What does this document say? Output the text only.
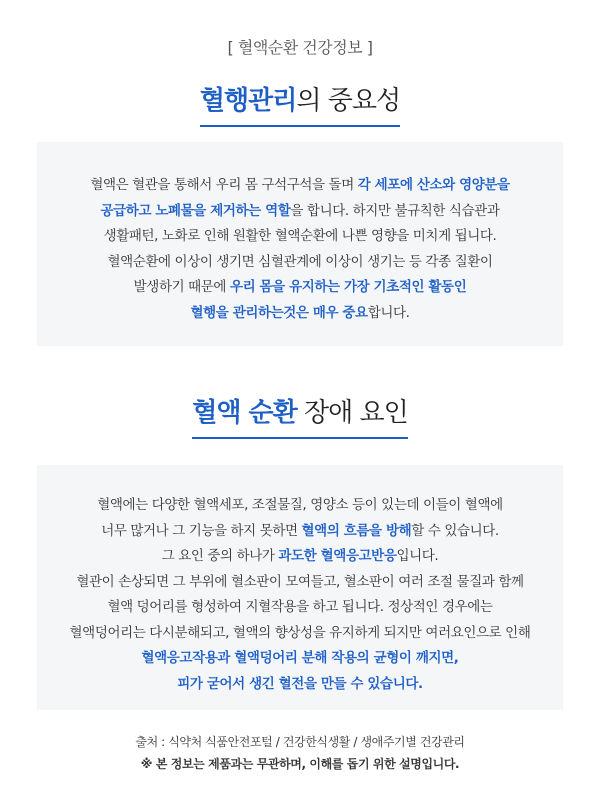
[ 혈액순환 건강정보 ]
혈행관리의 중요성
혈액은 혈관을 통해서 우리 몸 구석구석을 돌며 각 세포에 산소와 영양분을
공급하고 노폐물을 제거하는 역할을 합니다. 하지만 불규칙한 식습관과
생활패턴, 노화로 인해 원활한 혈액순환에 나쁜 영향을 미치게 됩니다.
혈액순환에 이상이 생기면 심혈관계에 이상이 생기는 등 각종 질환이
발생하기 때문에 우리 몸을 유지하는 가장 기초적인 활동인
혈행을 관리하는것은 매우 중요합니다.
혈액 순환 장애 요인
혈액에는 다양한 혈액세포, 조절물질, 영양소 등이 있는데 이들이 혈액에
너무 많거나 그 기능을 하지 못하면 혈액의 흐름을 방해할 수 있습니다.
그 요인 중의 하나가 과도한 혈액응고반응입니다.
혈관이 손상되면 그 부위에 혈소판이 모여들고, 혈소판이 여러 조절 물질과 함께
혈액 덩어리를 형성하여 지혈작용을 하고 됩니다. 정상적인 경우에는
혈액덩어리는 다시분해되고, 혈액의 향상성을 유지하게 되지만 여러요인으로 인해
혈액응고작용과 혈액덩어리 분해 작용의 균형이 깨지면,
피가 굳어서 생긴 혈전을 만들 수 있습니다.
출처 : 식약처 식품안전포털 / 건강한식생활 / 생애주기별 건강관리
※ 본 정보는 제품과는 무관하며, 이해를 돕기 위한 설명입니다.
